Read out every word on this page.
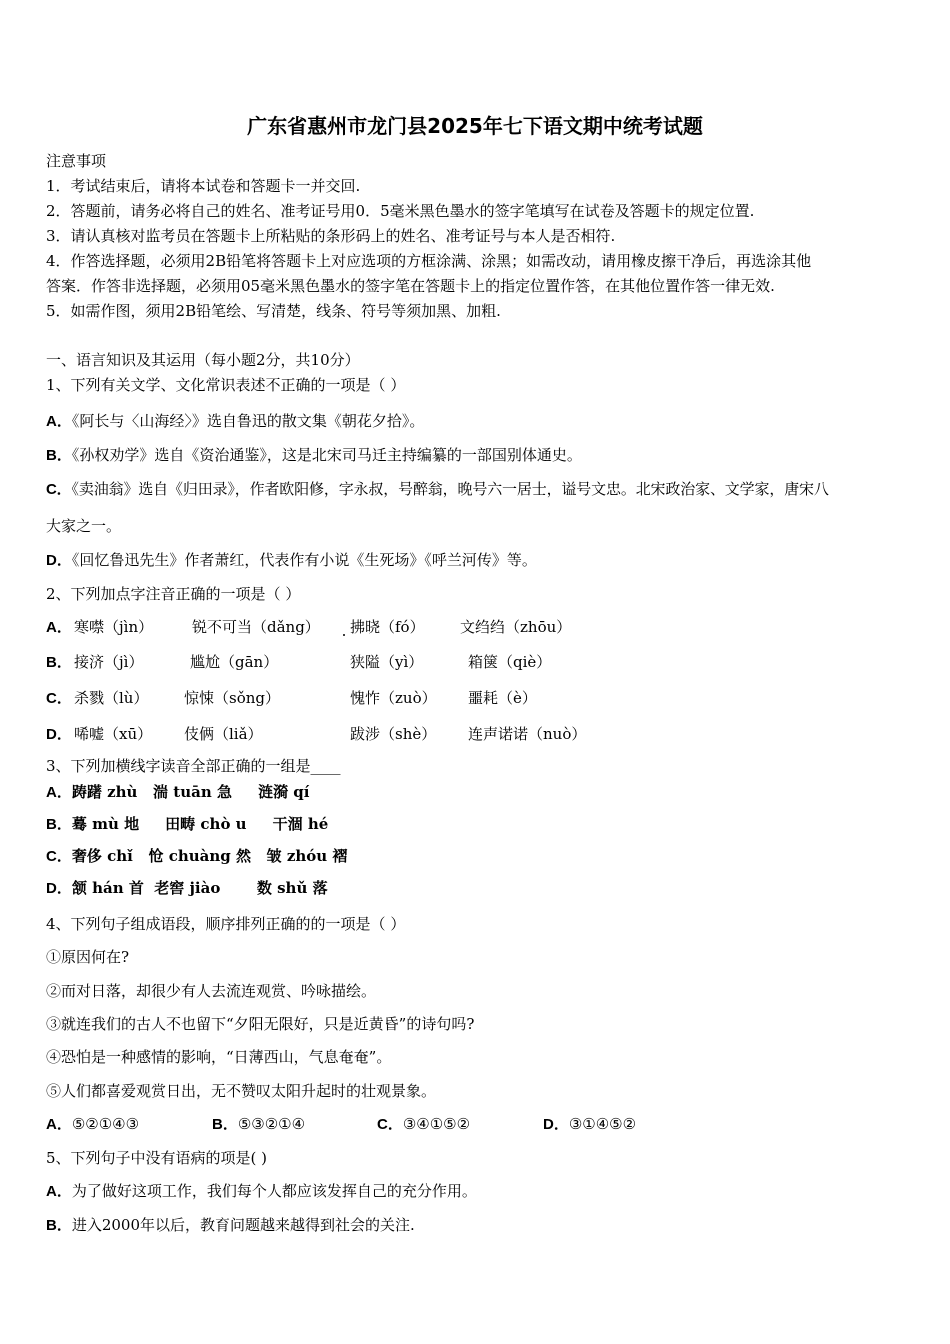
广东省惠州市龙门县2025年七下语文期中统考试题
注意事项
1．考试结束后，请将本试卷和答题卡一并交回.
2．答题前，请务必将自己的姓名、准考证号用0．5毫米黑色墨水的签字笔填写在试卷及答题卡的规定位置.
3．请认真核对监考员在答题卡上所粘贴的条形码上的姓名、准考证号与本人是否相符.
4．作答选择题，必须用2B铅笔将答题卡上对应选项的方框涂满、涂黑；如需改动，请用橡皮擦干净后，再选涂其他
答案．作答非选择题，必须用05毫米黑色墨水的签字笔在答题卡上的指定位置作答，在其他位置作答一律无效.
5．如需作图，须用2B铅笔绘、写清楚，线条、符号等须加黑、加粗.
一、语言知识及其运用（每小题2分，共10分）
1、下列有关文学、文化常识表述不正确的一项是（ ）
A．《阿长与〈山海经〉》选自鲁迅的散文集《朝花夕拾》。
B．《孙权劝学》选自《资治通鉴》，这是北宋司马迁主持编纂的一部国别体通史。
C．《卖油翁》选自《归田录》，作者欧阳修，字永叔，号醉翁，晚号六一居士，谥号文忠。北宋政治家、文学家，唐宋八
大家之一。
D．《回忆鲁迅先生》作者萧红，代表作有小说《生死场》《呼兰河传》等。
2、下列加点字注音正确的一项是（ ）
A． 寒噤（jìn）	锐不可当（dǎng） 拂晓（fó） 文绉绉（zhōu）
B． 接济（jì）	尴尬（gān）	狭隘（yì）	箱箧（qiè）
C． 杀戮（lù） 惊悚（sǒng）	愧怍（zuò） 噩耗（è）
D． 唏嘘（xū） 伎俩（liǎ）	跋涉（shè） 连声诺诺（nuò）
3、下列加横线字读音全部正确的一组是____
A．踌躇 zhù   湍 tuān 急     涟漪 qí
B．蓦 mù 地     田畴 chò u     干涸 hé
C．奢侈 chǐ   怆 chuàng 然   皱 zhóu 褶
D．颔 hán 首  老窖 jiào       数 shǔ 落
4、下列句子组成语段，顺序排列正确的的一项是（ ）
①原因何在?
②而对日落，却很少有人去流连观赏、吟咏描绘。
③就连我们的古人不也留下“夕阳无限好，只是近黄昏”的诗句吗?
④恐怕是一种感情的影响，“日薄西山，气息奄奄”。
⑤人们都喜爱观赏日出，无不赞叹太阳升起时的壮观景象。
A．⑤②①④③	B．⑤③②①④	C．③④①⑤②	D．③①④⑤②
5、下列句子中没有语病的项是( )
A．为了做好这项工作，我们每个人都应该发挥自己的充分作用。
B．进入2000年以后，教育问题越来越得到社会的关注.
